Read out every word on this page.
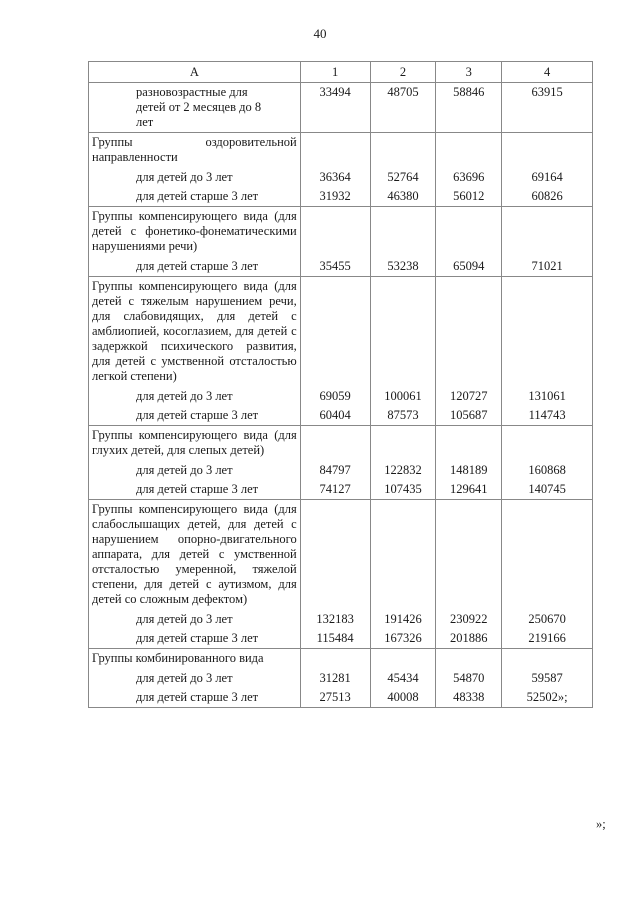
40
А	1	2	3	4
разновозрастные для детей от 2 месяцев до 8 лет	33494	48705	58846	63915
Группы оздоровительной направленности				
для детей до 3 лет	36364	52764	63696	69164
для детей старше 3 лет	31932	46380	56012	60826
Группы компенсирующего вида (для детей с фонетико-фонематическими нарушениями речи)				
для детей старше 3 лет	35455	53238	65094	71021
Группы компенсирующего вида (для детей с тяжелым нарушением речи, для слабовидящих, для детей с амблиопией, косоглазием, для детей с задержкой психического развития, для детей с умственной отсталостью легкой степени)				
для детей до 3 лет	69059	100061	120727	131061
для детей старше 3 лет	60404	87573	105687	114743
Группы компенсирующего вида (для глухих детей, для слепых детей)				
для детей до 3 лет	84797	122832	148189	160868
для детей старше 3 лет	74127	107435	129641	140745
Группы компенсирующего вида (для слабослышащих детей, для детей с нарушением опорно-двигательного аппарата, для детей с умственной отсталостью умеренной, тяжелой степени, для детей с аутизмом, для детей со сложным дефектом)				
для детей до 3 лет	132183	191426	230922	250670
для детей старше 3 лет	115484	167326	201886	219166
Группы комбинированного вида				
для детей до 3 лет	31281	45434	54870	59587
для детей старше 3 лет	27513	40008	48338	52502»;
»;
